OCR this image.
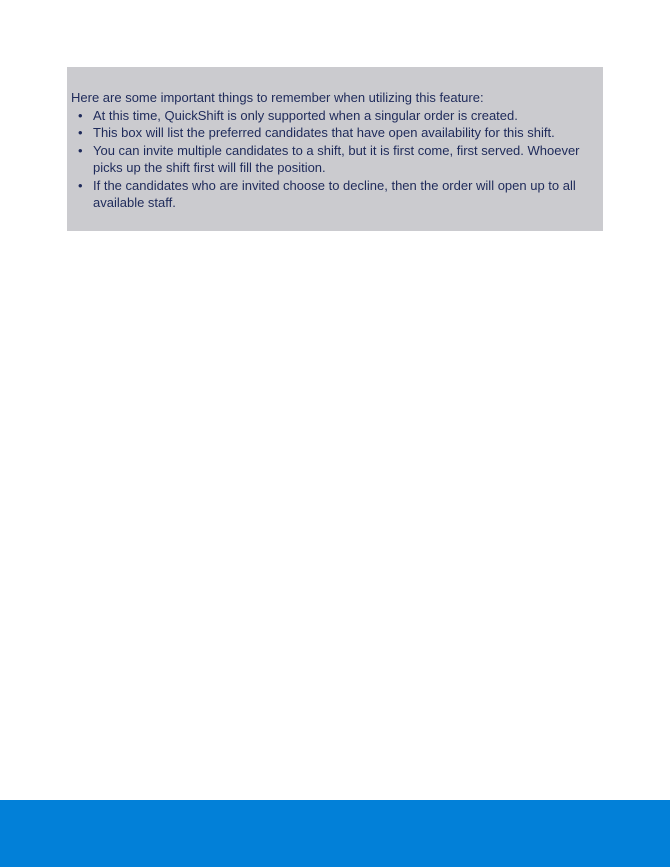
Here are some important things to remember when utilizing this feature:

• At this time, QuickShift is only supported when a singular order is created.
• This box will list the preferred candidates that have open availability for this shift.
• You can invite multiple candidates to a shift, but it is first come, first served. Whoever picks up the shift first will fill the position.
• If the candidates who are invited choose to decline, then the order will open up to all available staff.
